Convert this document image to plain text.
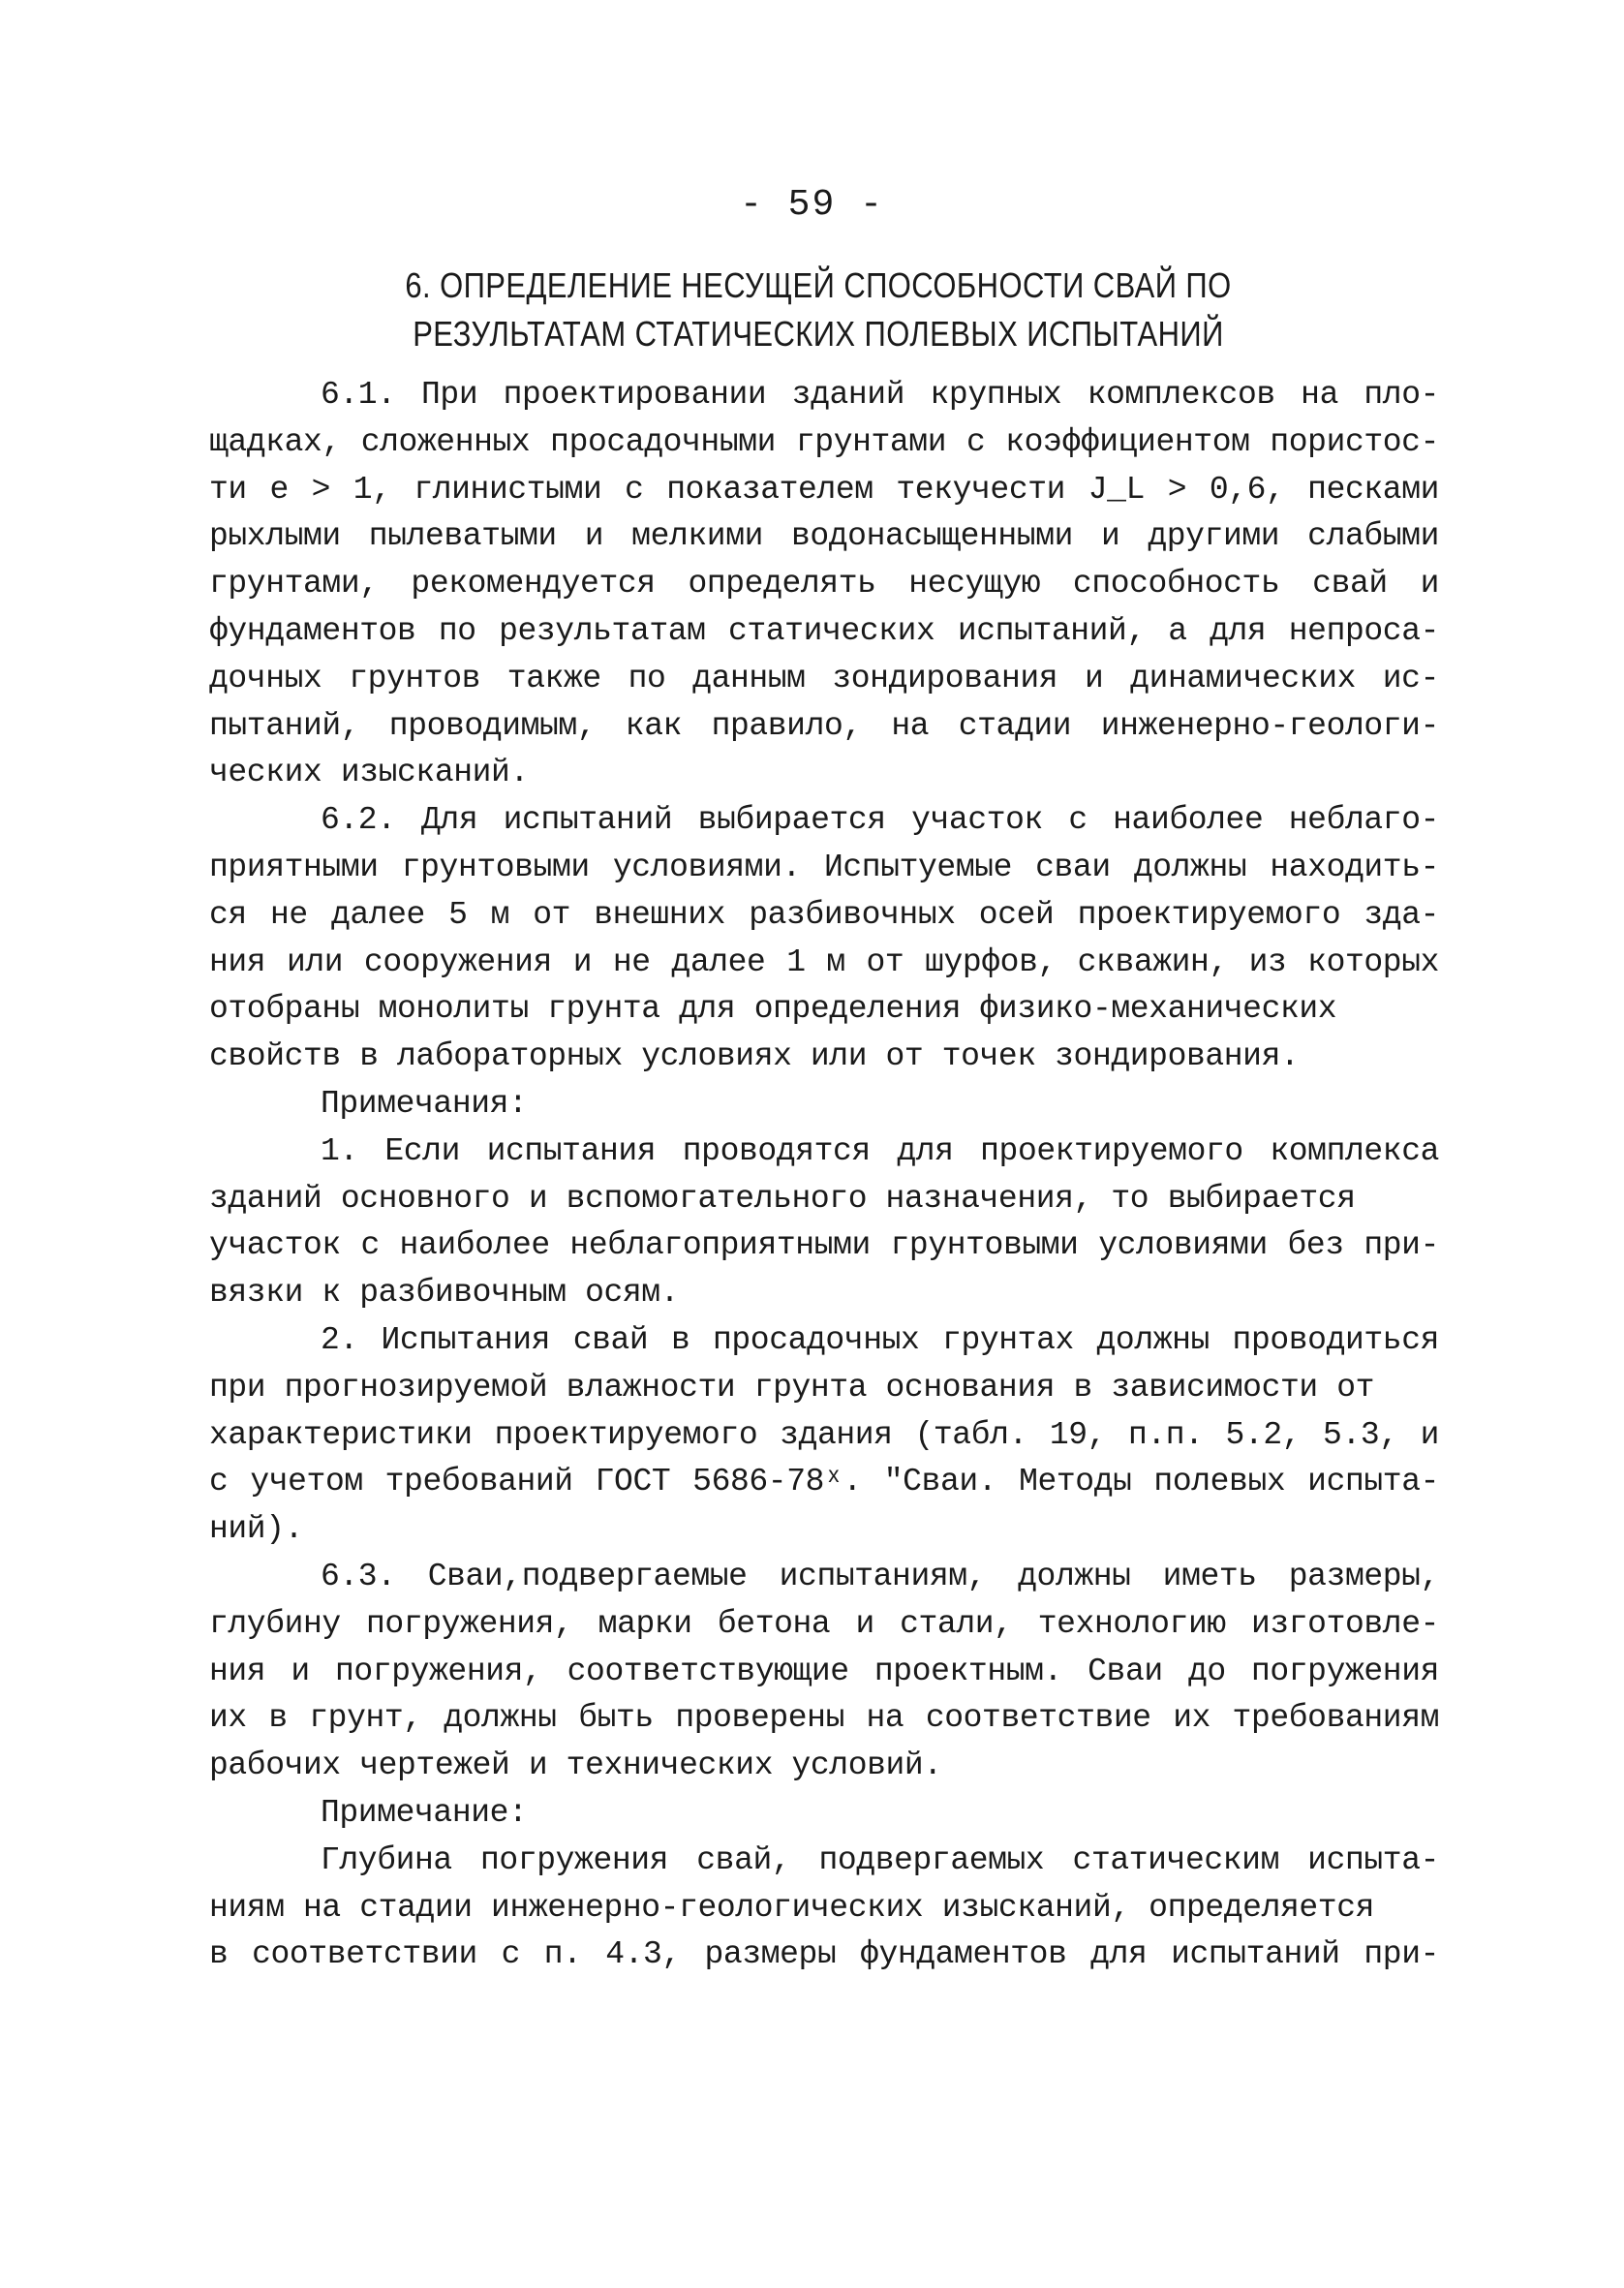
- 59 -
6. ОПРЕДЕЛЕНИЕ НЕСУЩЕЙ СПОСОБНОСТИ СВАЙ ПО
РЕЗУЛЬТАТАМ СТАТИЧЕСКИХ ПОЛЕВЫХ ИСПЫТАНИЙ
6.1. При проектировании зданий крупных комплексов на пло-
щадках, сложенных просадочными грунтами с коэффициентом пористос-
ти e > 1, глинистыми с показателем текучести J_L > 0,6, песками
рыхлыми пылеватыми и мелкими водонасыщенными и другими слабыми
грунтами, рекомендуется определять несущую способность свай и
фундаментов по результатам статических испытаний, а для непроса-
дочных грунтов также по данным зондирования и динамических ис-
пытаний, проводимым, как правило, на стадии инженерно-геологи-
ческих изысканий.
6.2. Для испытаний выбирается участок с наиболее неблаго-
приятными грунтовыми условиями. Испытуемые сваи должны находить-
ся не далее 5 м от внешних разбивочных осей проектируемого зда-
ния или сооружения и не далее 1 м от шурфов, скважин, из которых
отобраны монолиты грунта для определения физико-механических
свойств в лабораторных условиях или от точек зондирования.
Примечания:
1. Если испытания проводятся для проектируемого комплекса
зданий основного и вспомогательного назначения, то выбирается
участок с наиболее неблагоприятными грунтовыми условиями без при-
вязки к разбивочным осям.
2. Испытания свай в просадочных грунтах должны проводиться
при прогнозируемой влажности грунта основания в зависимости от
характеристики проектируемого здания (табл. 19, п.п. 5.2, 5.3, и
с учетом требований ГОСТ 5686-78ˣ. "Сваи. Методы полевых испыта-
ний).
6.3. Сваи,подвергаемые испытаниям, должны иметь размеры,
глубину погружения, марки бетона и стали, технологию изготовле-
ния и погружения, соответствующие проектным. Сваи до погружения
их в грунт, должны быть проверены на соответствие их требованиям
рабочих чертежей и технических условий.
Примечание:
Глубина погружения свай, подвергаемых статическим испыта-
ниям на стадии инженерно-геологических изысканий, определяется
в соответствии с п. 4.3, размеры фундаментов для испытаний при-
